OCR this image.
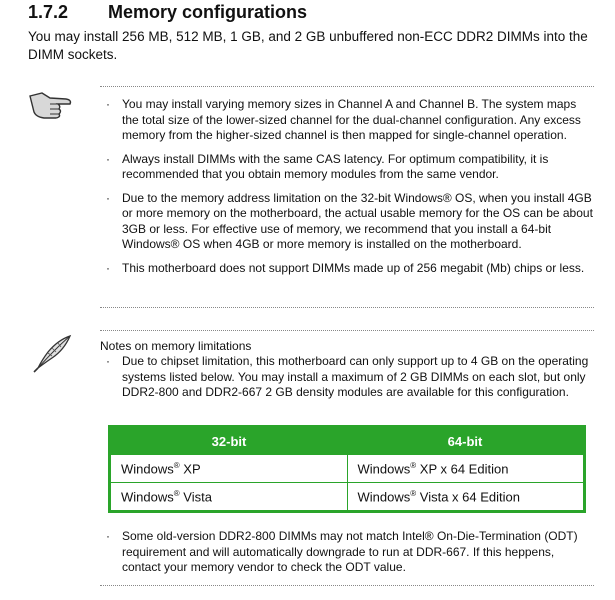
1.7.2 Memory configurations
You may install 256 MB, 512 MB, 1 GB, and 2 GB unbuffered non-ECC DDR2 DIMMs into the DIMM sockets.
· You may install varying memory sizes in Channel A and Channel B. The system maps the total size of the lower-sized channel for the dual-channel configuration. Any excess memory from the higher-sized channel is then mapped for single-channel operation.
· Always install DIMMs with the same CAS latency. For optimum compatibility, it is recommended that you obtain memory modules from the same vendor.
· Due to the memory address limitation on the 32-bit Windows® OS, when you install 4GB or more memory on the motherboard, the actual usable memory for the OS can be about 3GB or less. For effective use of memory, we recommend that you install a 64-bit Windows® OS when 4GB or more memory is installed on the motherboard.
· This motherboard does not support DIMMs made up of 256 megabit (Mb) chips or less.
Notes on memory limitations
· Due to chipset limitation, this motherboard can only support up to 4 GB on the operating systems listed below. You may install a maximum of 2 GB DIMMs on each slot, but only DDR2-800 and DDR2-667 2 GB density modules are available for this configuration.
32-bit	64-bit
Windows® XP	Windows® XP x 64 Edition
Windows® Vista	Windows® Vista x 64 Edition
· Some old-version DDR2-800 DIMMs may not match Intel® On-Die-Termination (ODT) requirement and will automatically downgrade to run at DDR-667. If this heppens, contact your memory vendor to check the ODT value.
